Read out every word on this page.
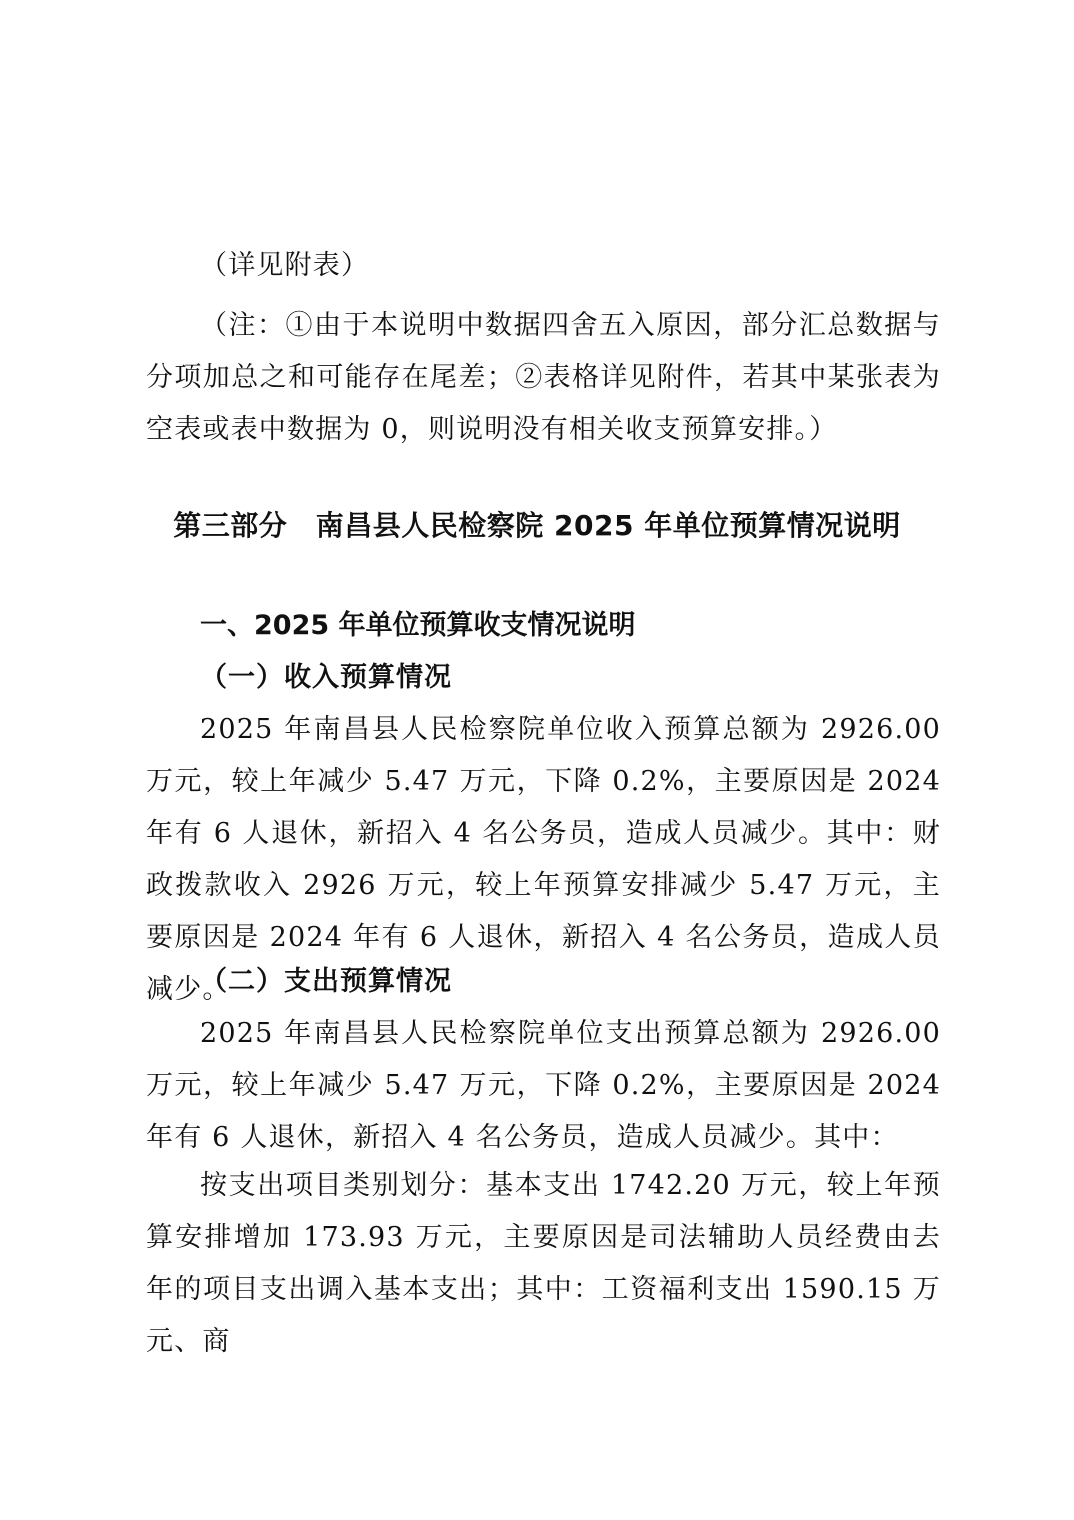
（详见附表）

（注：①由于本说明中数据四舍五入原因，部分汇总数据与分项加总之和可能存在尾差；②表格详见附件，若其中某张表为空表或表中数据为 0，则说明没有相关收支预算安排。）

第三部分　南昌县人民检察院 2025 年单位预算情况说明
一、2025 年单位预算收支情况说明
（一）收入预算情况

2025 年南昌县人民检察院单位收入预算总额为 2926.00 万元，较上年减少 5.47 万元，下降 0.2%，主要原因是 2024 年有 6 人退休，新招入 4 名公务员，造成人员减少。其中：财政拨款收入 2926 万元，较上年预算安排减少 5.47 万元，主要原因是 2024 年有 6 人退休，新招入 4 名公务员，造成人员减少。

（二）支出预算情况

2025 年南昌县人民检察院单位支出预算总额为 2926.00 万元，较上年减少 5.47 万元，下降 0.2%，主要原因是 2024 年有 6 人退休，新招入 4 名公务员，造成人员减少。其中：

按支出项目类别划分：基本支出 1742.20 万元，较上年预算安排增加 173.93 万元，主要原因是司法辅助人员经费由去年的项目支出调入基本支出；其中：工资福利支出 1590.15 万元、商
